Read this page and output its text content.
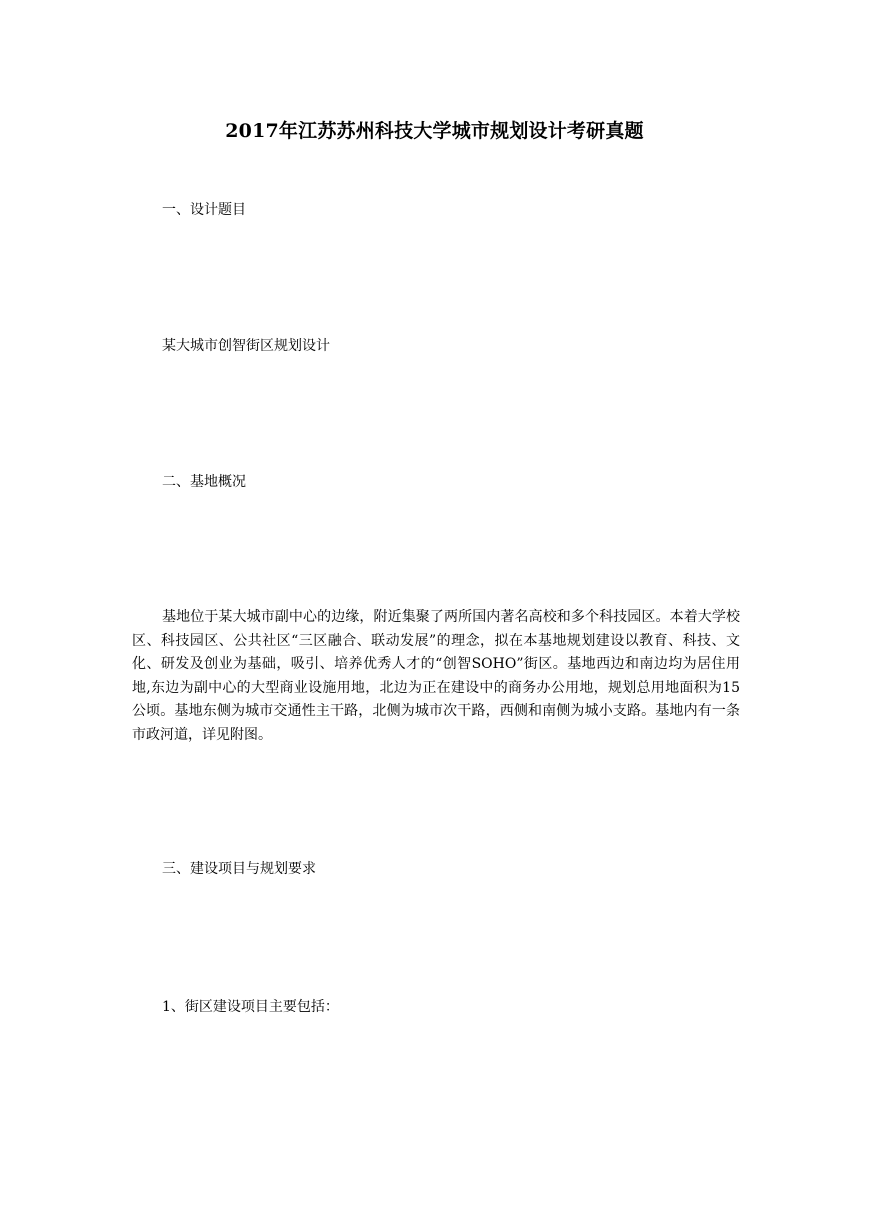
2017年江苏苏州科技大学城市规划设计考研真题
一、设计题目
某大城市创智街区规划设计
二、基地概况
基地位于某大城市副中心的边缘，附近集聚了两所国内著名高校和多个科技园区。本着大学校区、科技园区、公共社区“三区融合、联动发展”的理念，拟在本基地规划建设以教育、科技、文化、研发及创业为基础，吸引、培养优秀人才的“创智SOHO”街区。基地西边和南边均为居住用地,东边为副中心的大型商业设施用地，北边为正在建设中的商务办公用地，规划总用地面积为15公顷。基地东侧为城市交通性主干路，北侧为城市次干路，西侧和南侧为城小支路。基地内有一条市政河道，详见附图。
三、建设项目与规划要求
1、街区建设项目主要包括：
